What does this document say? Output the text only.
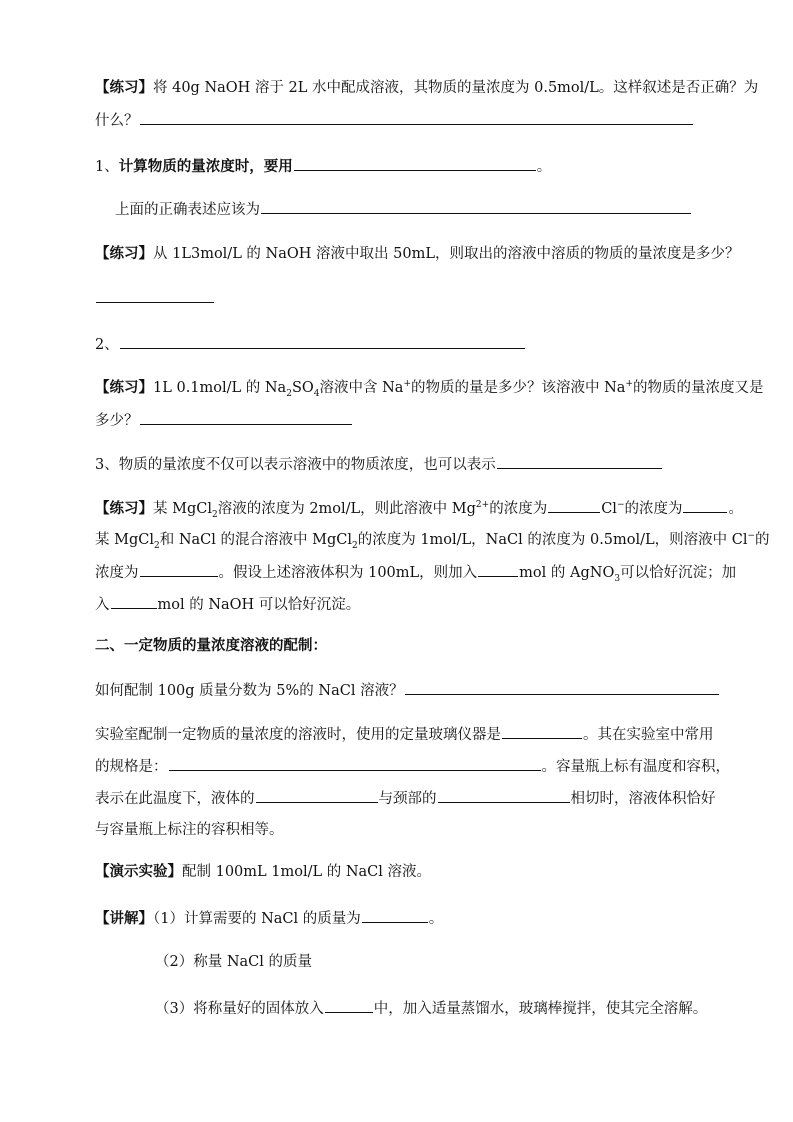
【练习】将 40g NaOH 溶于 2L 水中配成溶液，其物质的量浓度为 0.5mol/L。这样叙述是否正确？为
什么？
1、计算物质的量浓度时，要用	。
上面的正确表述应该为
【练习】从 1L3mol/L 的 NaOH 溶液中取出 50mL，则取出的溶液中溶质的物质的量浓度是多少？
2、
【练习】1L 0.1mol/L 的 $Na_2SO_4$溶液中含 Na+的物质的量是多少？该溶液中 Na+的物质的量浓度又是
多少？
3、物质的量浓度不仅可以表示溶液中的物质浓度，也可以表示
【练习】某 MgCl$_2$溶液的浓度为 2mol/L，则此溶液中 $Mg^{2+}$的浓度为	Cl−的浓度为	。
某 MgCl$_2$和 NaCl 的混合溶液中 MgCl$_2$的浓度为 1mol/L，NaCl 的浓度为 0.5mol/L，则溶液中 Cl−的
浓度为	。假设上述溶液体积为 100mL，则加入	mol 的 AgNO$_3$可以恰好沉淀；加
入	mol 的 NaOH 可以恰好沉淀。
二、一定物质的量浓度溶液的配制：
如何配制 100g 质量分数为 5%的 NaCl 溶液？
实验室配制一定物质的量浓度的溶液时，使用的定量玻璃仪器是	。其在实验室中常用
的规格是：	。容量瓶上标有温度和容积，
表示在此温度下，液体的	与颈部的	相切时，溶液体积恰好
与容量瓶上标注的容积相等。
【演示实验】配制 100mL 1mol/L 的 NaCl 溶液。
【讲解】（1）计算需要的 NaCl 的质量为	。
（2）称量 NaCl 的质量
（3）将称量好的固体放入	中，加入适量蒸馏水，玻璃棒搅拌，使其完全溶解。
